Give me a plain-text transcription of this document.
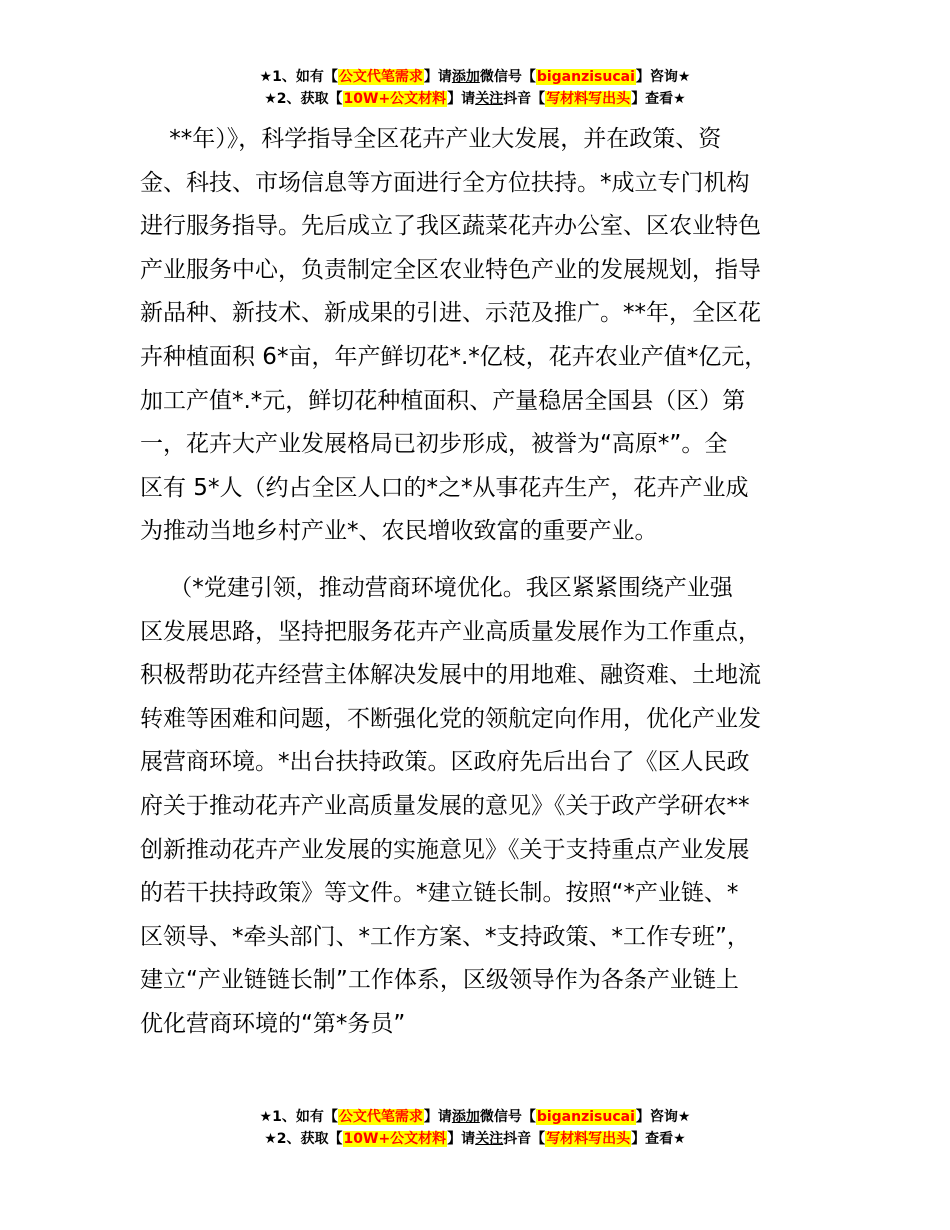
★1、如有【公文代笔需求】请添加微信号【biganzisucai】咨询★
★2、获取【10W+公文材料】请关注抖音【写材料写出头】查看★

**年）》，科学指导全区花卉产业大发展，并在政策、资
金、科技、市场信息等方面进行全方位扶持。*成立专门机构
进行服务指导。先后成立了我区蔬菜花卉办公室、区农业特色
产业服务中心，负责制定全区农业特色产业的发展规划，指导
新品种、新技术、新成果的引进、示范及推广。**年，全区花
卉种植面积 6*亩，年产鲜切花*.*亿枝，花卉农业产值*亿元，
加工产值*.*元，鲜切花种植面积、产量稳居全国县（区）第
一，花卉大产业发展格局已初步形成，被誉为“高原*”。全
区有 5*人（约占全区人口的*之*从事花卉生产，花卉产业成
为推动当地乡村产业*、农民增收致富的重要产业。

（*党建引领，推动营商环境优化。我区紧紧围绕产业强
区发展思路，坚持把服务花卉产业高质量发展作为工作重点，
积极帮助花卉经营主体解决发展中的用地难、融资难、土地流
转难等困难和问题，不断强化党的领航定向作用，优化产业发
展营商环境。*出台扶持政策。区政府先后出台了《区人民政
府关于推动花卉产业高质量发展的意见》《关于政产学研农**
创新推动花卉产业发展的实施意见》《关于支持重点产业发展
的若干扶持政策》等文件。*建立链长制。按照“*产业链、*
区领导、*牵头部门、*工作方案、*支持政策、*工作专班”，
建立“产业链链长制”工作体系，区级领导作为各条产业链上
优化营商环境的“第*务员”

★1、如有【公文代笔需求】请添加微信号【biganzisucai】咨询★
★2、获取【10W+公文材料】请关注抖音【写材料写出头】查看★
